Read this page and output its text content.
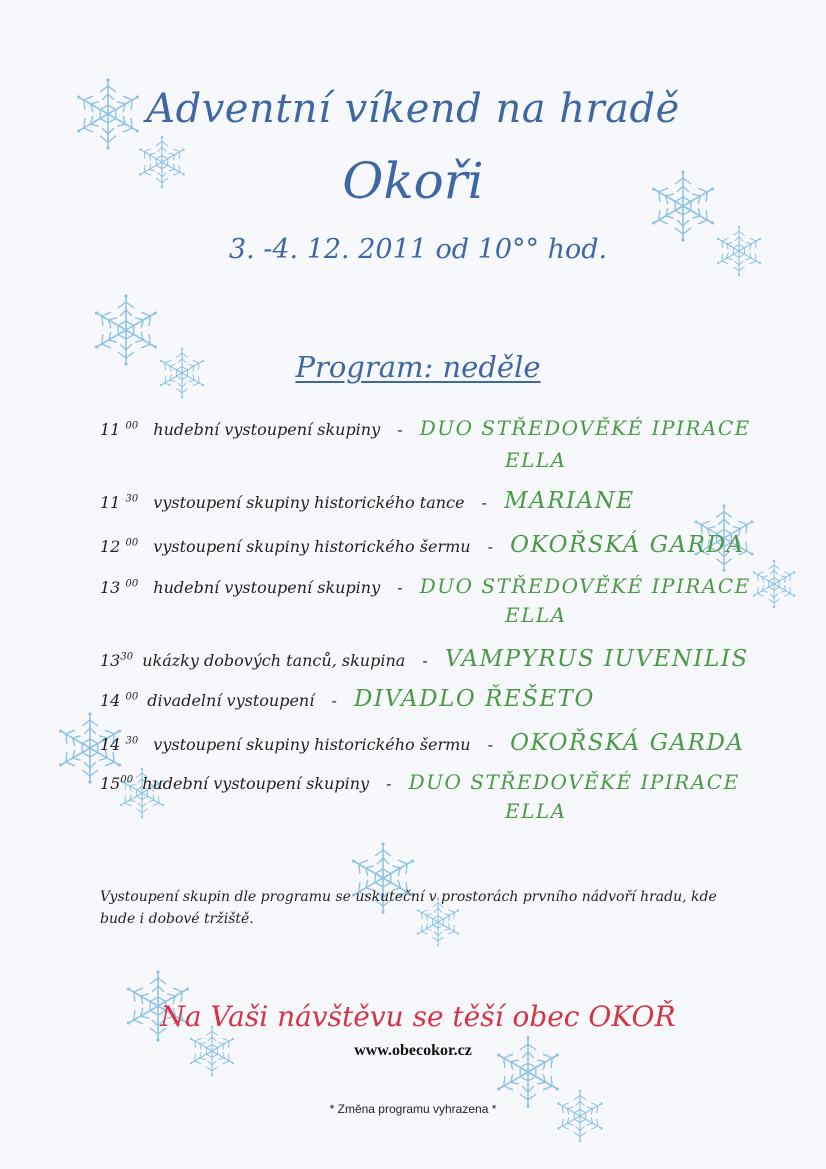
Adventní víkend na hradě
Okoři
3. -4. 12. 2011 od 10°° hod.
Program: neděle
11 $^{00}$ hudební vystoupení skupiny - DUO STŘEDOVĚKÉ IPIRACE
ELLA
11 $^{30}$ vystoupení skupiny historického tance - MARIANE
12 $^{00}$ vystoupení skupiny historického šermu - OKOŘSKÁ GARDA
13 $^{00}$ hudební vystoupení skupiny - DUO STŘEDOVĚKÉ IPIRACE
ELLA
$13^{30}$ ukázky dobových tanců, skupina - VAMPYRUS IUVENILIS
14 $^{00}$ divadelní vystoupení - DIVADLO ŘEŠETO
14 $^{30}$ vystoupení skupiny historického šermu - OKOŘSKÁ GARDA
$15^{00}$ hudební vystoupení skupiny - DUO STŘEDOVĚKÉ IPIRACE
ELLA
Vystoupení skupin dle programu se uskuteční v prostorách prvního nádvoří hradu, kde bude i dobové tržiště.
Na Vaši návštěvu se těší obec OKOŘ
www.obecokor.cz
* Změna programu vyhrazena *
